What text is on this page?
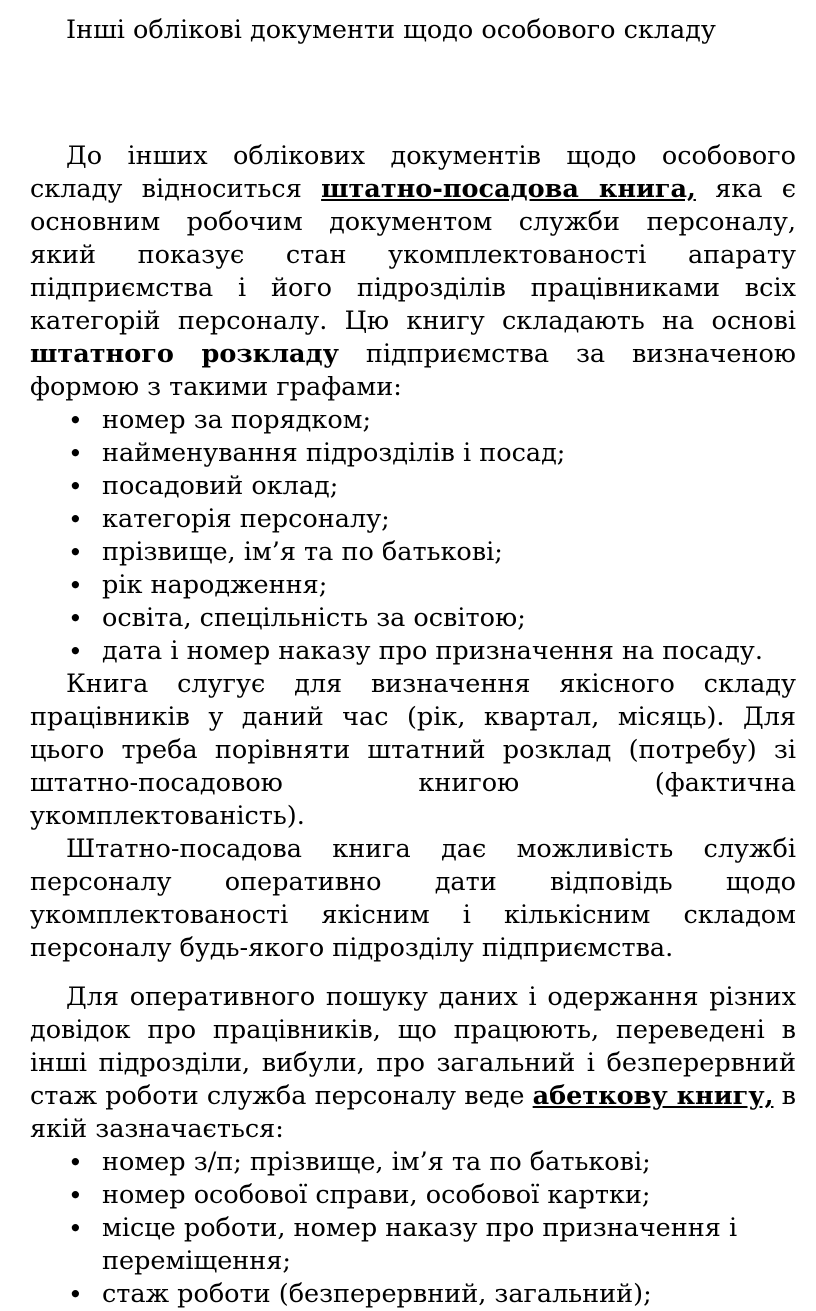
Інші облікові документи щодо особового складу

До інших облікових документів щодо особового складу відноситься штатно-посадова книга, яка є основним робочим документом служби персоналу, який показує стан укомплектованості апарату підприємства і його підрозділів працівниками всіх категорій персоналу. Цю книгу складають на основі штатного розкладу підприємства за визначеною формою з такими графами:

• номер за порядком;
• найменування підрозділів і посад;
• посадовий оклад;
• категорія персоналу;
• прізвище, ім’я та по батькові;
• рік народження;
• освіта, спецільність за освітою;
• дата і номер наказу про призначення на посаду.

Книга слугує для визначення якісного складу працівників у даний час (рік, квартал, місяць). Для цього треба порівняти штатний розклад (потребу) зі штатно-посадовою книгою (фактична укомплектованість).

Штатно-посадова книга дає можливість службі персоналу оперативно дати відповідь щодо укомплектованості якісним і кількісним складом персоналу будь-якого підрозділу підприємства.

Для оперативного пошуку даних і одержання різних довідок про працівників, що працюють, переведені в інші підрозділи, вибули, про загальний і безперервний стаж роботи служба персоналу веде абеткову книгу, в якій зазначається:

• номер з/п; прізвище, ім’я та по батькові;
• номер особової справи, особової картки;
• місце роботи, номер наказу про призначення і переміщення;
• стаж роботи (безперервний, загальний);
